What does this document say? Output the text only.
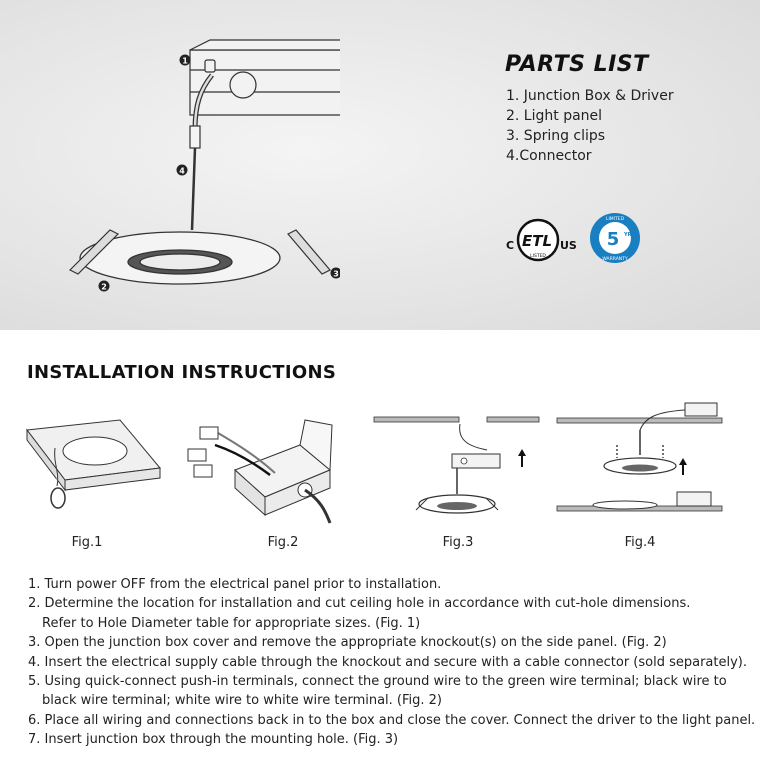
1
4
2
3
PARTS LIST
1. Junction Box & Driver
2. Light panel
3. Spring clips
4.Connector
ETL
LISTED
C	US 5 YR
LIMITED
WARRANTY
INSTALLATION INSTRUCTIONS
Fig.1	Fig.2	Fig.3	Fig.4
1. Turn power OFF from the electrical panel prior to installation.
2. Determine the location for installation and cut ceiling hole in accordance with cut-hole dimensions.
Refer to Hole Diameter table for appropriate sizes. (Fig. 1)
3. Open the junction box cover and remove the appropriate knockout(s) on the side panel. (Fig. 2)
4. Insert the electrical supply cable through the knockout and secure with a cable connector (sold separately).
5. Using quick-connect push-in terminals, connect the ground wire to the green wire terminal; black wire to
black wire terminal; white wire to white wire terminal. (Fig. 2)
6. Place all wiring and connections back in to the box and close the cover. Connect the driver to the light panel.
7. Insert junction box through the mounting hole. (Fig. 3)
